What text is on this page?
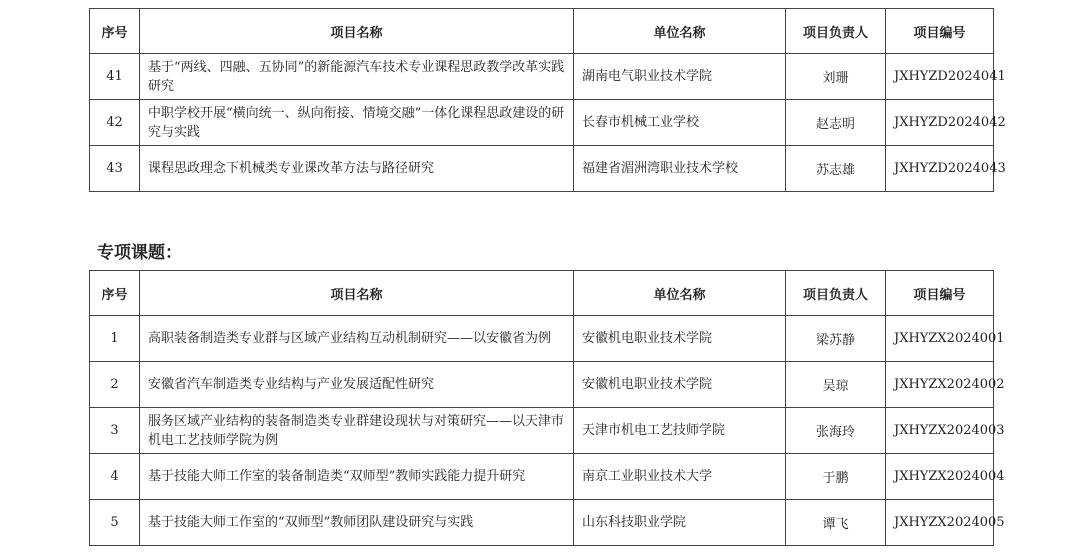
序号	项目名称	单位名称	项目负责人	项目编号
41	基于“两线、四融、五协同”的新能源汽车技术专业课程思政教学改革实践研究	湖南电气职业技术学院	刘珊	JXHYZD2024041
42	中职学校开展“横向统一、纵向衔接、情境交融”一体化课程思政建设的研究与实践	长春市机械工业学校	赵志明	JXHYZD2024042
43	课程思政理念下机械类专业课改革方法与路径研究	福建省湄洲湾职业技术学校	苏志雄	JXHYZD2024043
专项课题：
序号	项目名称	单位名称	项目负责人	项目编号
1	高职装备制造类专业群与区域产业结构互动机制研究——以安徽省为例	安徽机电职业技术学院	梁苏静	JXHYZX2024001
2	安徽省汽车制造类专业结构与产业发展适配性研究	安徽机电职业技术学院	吴琼	JXHYZX2024002
3	服务区域产业结构的装备制造类专业群建设现状与对策研究——以天津市机电工艺技师学院为例	天津市机电工艺技师学院	张海玲	JXHYZX2024003
4	基于技能大师工作室的装备制造类“双师型”教师实践能力提升研究	南京工业职业技术大学	于鹏	JXHYZX2024004
5	基于技能大师工作室的“双师型”教师团队建设研究与实践	山东科技职业学院	谭飞	JXHYZX2024005
